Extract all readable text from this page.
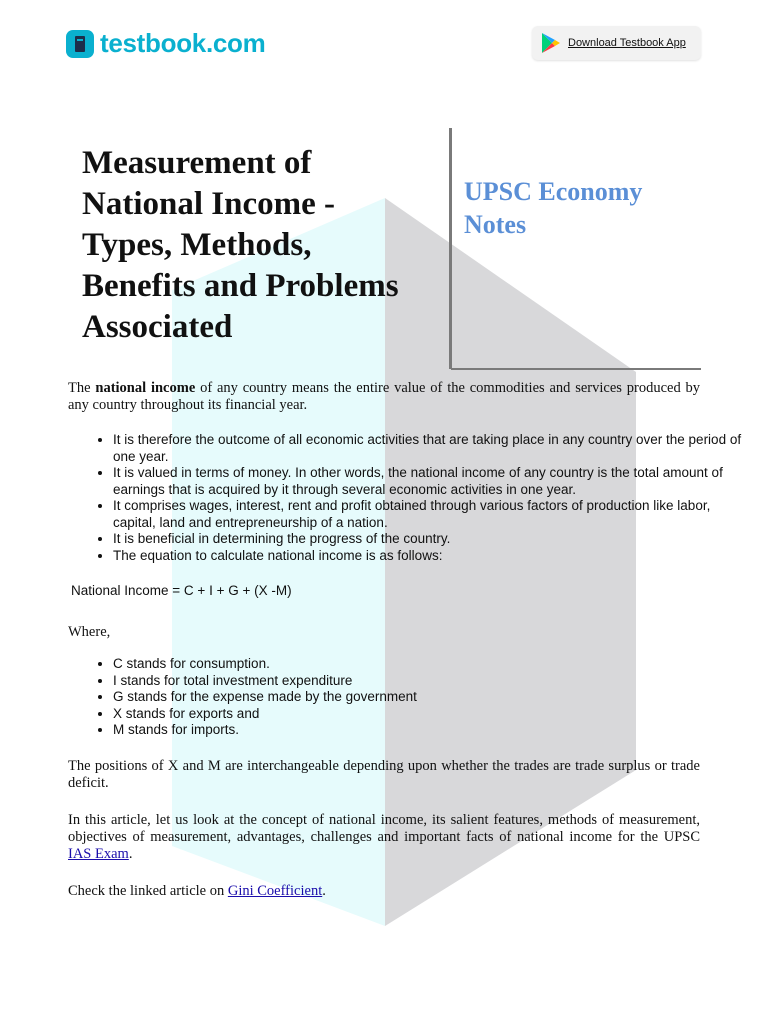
testbook.com	Download Testbook App
Measurement of
National Income -
Types, Methods,
Benefits and Problems
Associated
UPSC Economy
Notes

The national income of any country means the entire value of the commodities and services produced by any country throughout its financial year.

• It is therefore the outcome of all economic activities that are taking place in any country over the period of one year.
• It is valued in terms of money. In other words, the national income of any country is the total amount of earnings that is acquired by it through several economic activities in one year.
• It comprises wages, interest, rent and profit obtained through various factors of production like labor, capital, land and entrepreneurship of a nation.
• It is beneficial in determining the progress of the country.
• The equation to calculate national income is as follows:

National Income = C + I + G + (X -M)

Where,

• C stands for consumption.
• I stands for total investment expenditure
• G stands for the expense made by the government
• X stands for exports and
• M stands for imports.

The positions of X and M are interchangeable depending upon whether the trades are trade surplus or trade deficit.

In this article, let us look at the concept of national income, its salient features, methods of measurement, objectives of measurement, advantages, challenges and important facts of national income for the UPSC IAS Exam.

Check the linked article on Gini Coefficient.
